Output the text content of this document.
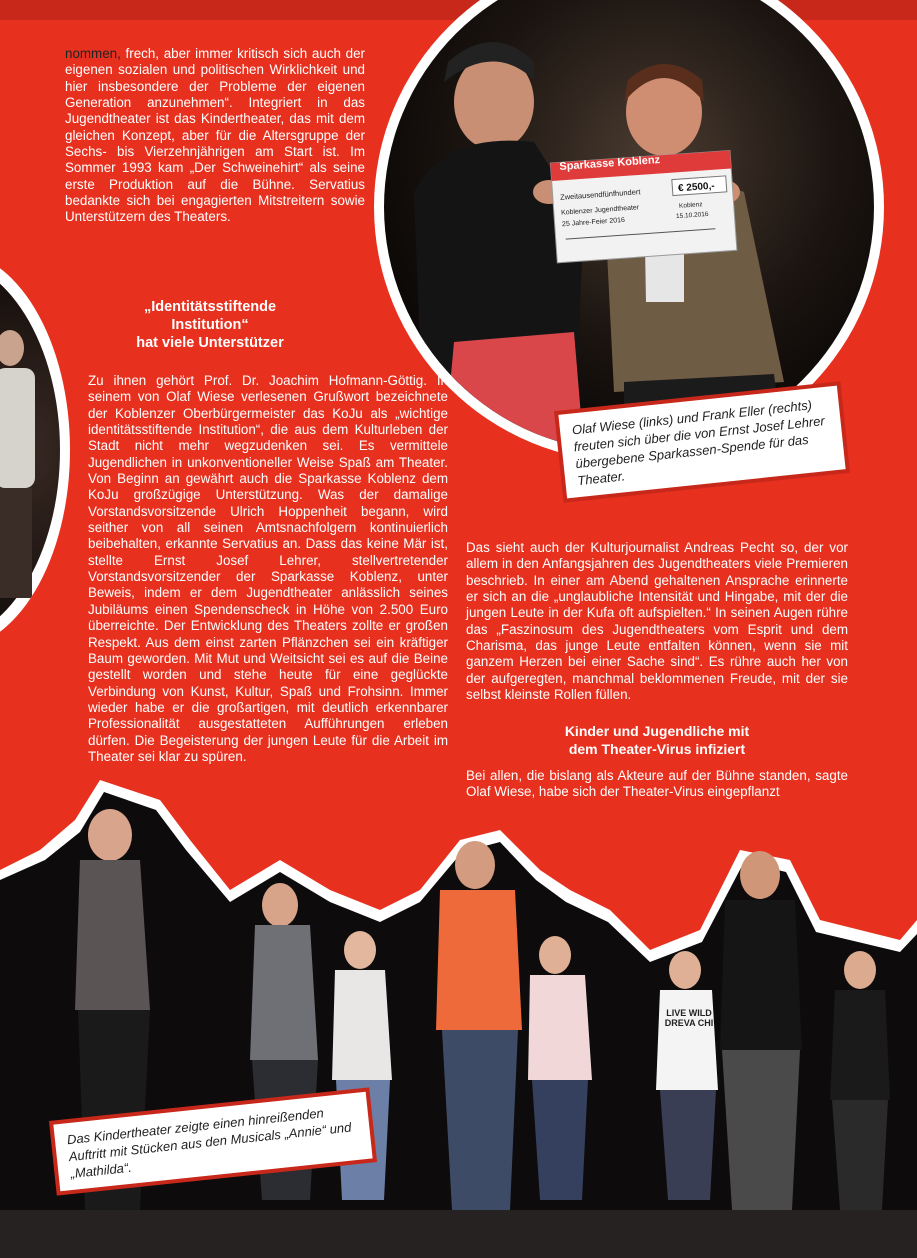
Sparkasse Koblenz
€ 2500,-
Zweitausendfünfhundert
Koblenzer Jugendtheater
25 Jahre-Feier 2016
Koblenz
15.10.2016
Olaf Wiese (links) und Frank Eller (rechts) freuten sich über die von Ernst Josef Lehrer übergebene Sparkassen-Spende für das Theater.

nommen, frech, aber immer kritisch sich auch der eigenen sozialen und politischen Wirklichkeit und hier insbesondere der Probleme der eigenen Generation anzunehmen“. Integriert in das Jugendtheater ist das Kindertheater, das mit dem gleichen Konzept, aber für die Altersgruppe der Sechs- bis Vierzehnjährigen am Start ist. Im Sommer 1993 kam „Der Schweinehirt“ als seine erste Produktion auf die Bühne. Servatius bedankte sich bei engagierten Mitstreitern sowie Unterstützern des Theaters.

„Identitätsstiftende
Institution“
hat viele Unterstützer

Zu ihnen gehört Prof. Dr. Joachim Hofmann-Göttig. In seinem von Olaf Wiese verlesenen Grußwort bezeichnete der Koblenzer Oberbürgermeister das KoJu als „wichtige identitätsstiftende Institution“, die aus dem Kulturleben der Stadt nicht mehr wegzudenken sei. Es vermittele Jugendlichen in unkonventioneller Weise Spaß am Theater. Von Beginn an gewährt auch die Sparkasse Koblenz dem KoJu großzügige Unterstützung. Was der damalige Vorstandsvorsitzende Ulrich Hoppenheit begann, wird seither von all seinen Amtsnachfolgern kontinuierlich beibehalten, erkannte Servatius an. Dass das keine Mär ist, stellte Ernst Josef Lehrer, stellvertretender Vorstandsvorsitzender der Sparkasse Koblenz, unter Beweis, indem er dem Jugendtheater anlässlich seines Jubiläums einen Spendenscheck in Höhe von 2.500 Euro überreichte. Der Entwicklung des Theaters zollte er großen Respekt. Aus dem einst zarten Pflänzchen sei ein kräftiger Baum geworden. Mit Mut und Weitsicht sei es auf die Beine gestellt worden und stehe heute für eine geglückte Verbindung von Kunst, Kultur, Spaß und Frohsinn. Immer wieder habe er die großartigen, mit deutlich erkennbarer Professionalität ausgestatteten Aufführungen erleben dürfen. Die Begeisterung der jungen Leute für die Arbeit im Theater sei klar zu spüren.

Das sieht auch der Kulturjournalist Andreas Pecht so, der vor allem in den Anfangsjahren des Jugendtheaters viele Premieren beschrieb. In einer am Abend gehaltenen Ansprache erinnerte er sich an die „unglaubliche Intensität und Hingabe, mit der die jungen Leute in der Kufa oft aufspielten.“ In seinen Augen rühre das „Faszinosum des Jugendtheaters vom Esprit und dem Charisma, das junge Leute entfalten können, wenn sie mit ganzem Herzen bei einer Sache sind“. Es rühre auch her von der aufgeregten, manchmal beklommenen Freude, mit der sie selbst kleinste Rollen füllen.

Kinder und Jugendliche mit
dem Theater-Virus infiziert

Bei allen, die bislang als Akteure auf der Bühne standen, sagte Olaf Wiese, habe sich der Theater-Virus eingepflanzt

LIVE WILD DREVA CHI
Das Kindertheater zeigte einen hinreißenden Auftritt mit Stücken aus den Musicals „Annie“ und „Mathilda“.
